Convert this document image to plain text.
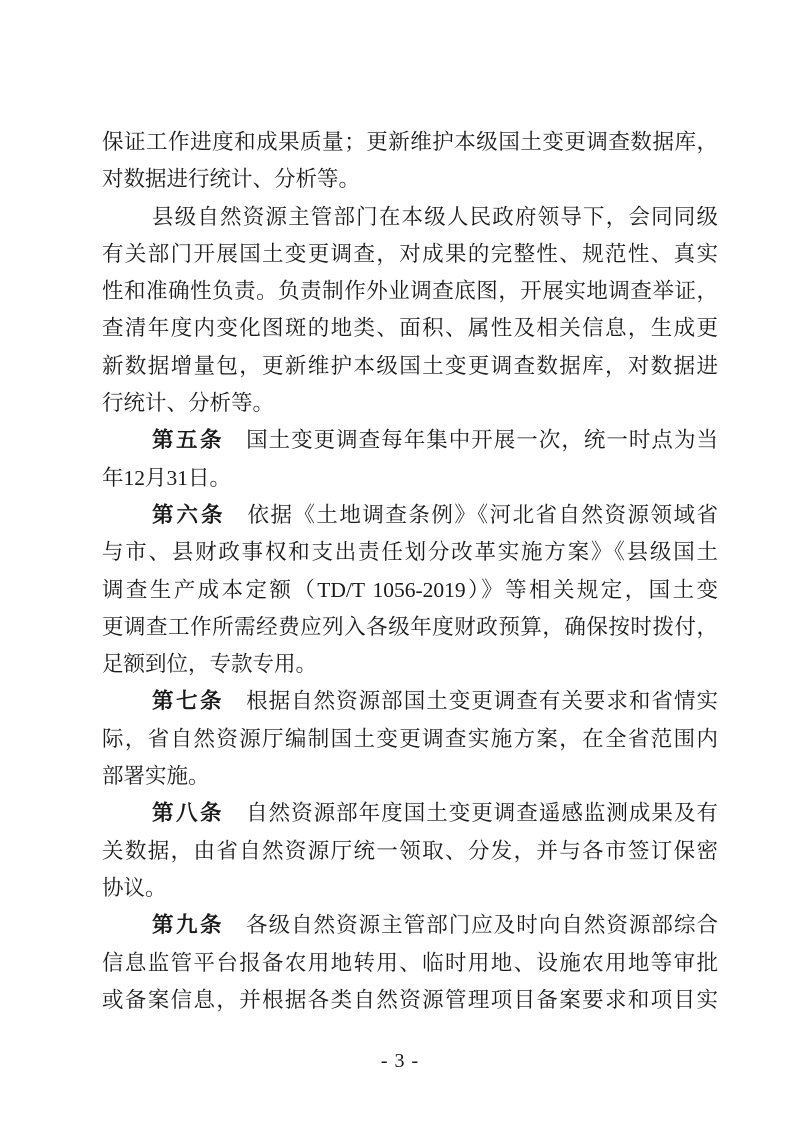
保证工作进度和成果质量；更新维护本级国土变更调查数据库，
对数据进行统计、分析等。
县级自然资源主管部门在本级人民政府领导下，会同同级
有关部门开展国土变更调查，对成果的完整性、规范性、真实
性和准确性负责。负责制作外业调查底图，开展实地调查举证，
查清年度内变化图斑的地类、面积、属性及相关信息，生成更
新数据增量包，更新维护本级国土变更调查数据库，对数据进
行统计、分析等。
第五条 国土变更调查每年集中开展一次，统一时点为当
年12月31日。
第六条 依据《土地调查条例》《河北省自然资源领域省
与市、县财政事权和支出责任划分改革实施方案》《县级国土
调查生产成本定额（TD/T 1056-2019）》等相关规定，国土变
更调查工作所需经费应列入各级年度财政预算，确保按时拨付，
足额到位，专款专用。
第七条 根据自然资源部国土变更调查有关要求和省情实
际，省自然资源厅编制国土变更调查实施方案，在全省范围内
部署实施。
第八条 自然资源部年度国土变更调查遥感监测成果及有
关数据，由省自然资源厅统一领取、分发，并与各市签订保密
协议。
第九条 各级自然资源主管部门应及时向自然资源部综合
信息监管平台报备农用地转用、临时用地、设施农用地等审批
或备案信息，并根据各类自然资源管理项目备案要求和项目实
- 3 -
